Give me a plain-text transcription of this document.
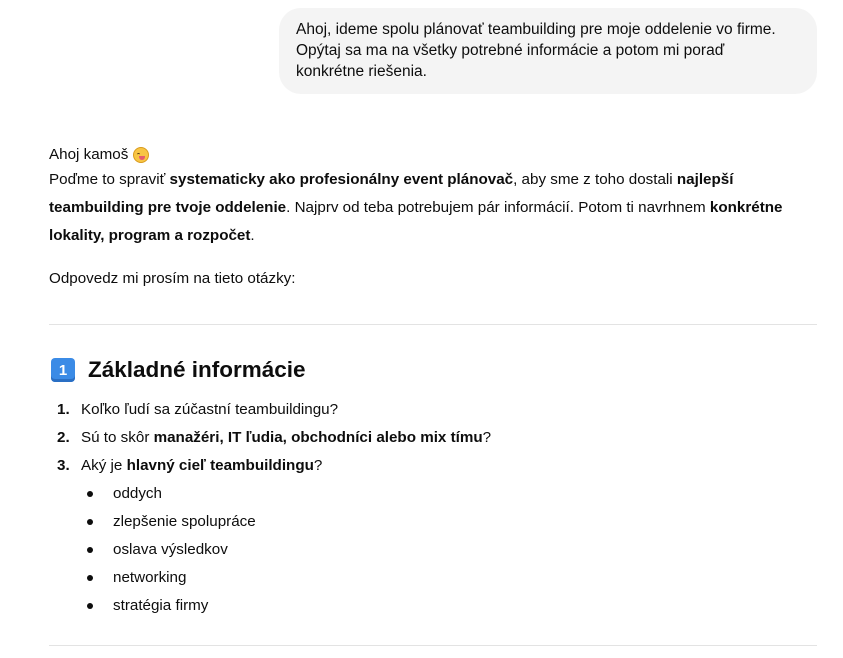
Ahoj, ideme spolu plánovať teambuilding pre moje oddelenie vo firme.
Opýtaj sa ma na všetky potrebné informácie a potom mi poraď
konkrétne riešenia.
Ahoj kamoš
Poďme to spraviť systematicky ako profesionálny event plánovač, aby sme z toho dostali najlepší
teambuilding pre tvoje oddelenie. Najprv od teba potrebujem pár informácií. Potom ti navrhnem konkrétne
lokality, program a rozpočet.
Odpovedz mi prosím na tieto otázky:
1 Základné informácie
1. Koľko ľudí sa zúčastní teambuildingu?
2. Sú to skôr manažéri, IT ľudia, obchodníci alebo mix tímu?
3. Aký je hlavný cieľ teambuildingu?
oddych
zlepšenie spolupráce
oslava výsledkov
networking
stratégia firmy
